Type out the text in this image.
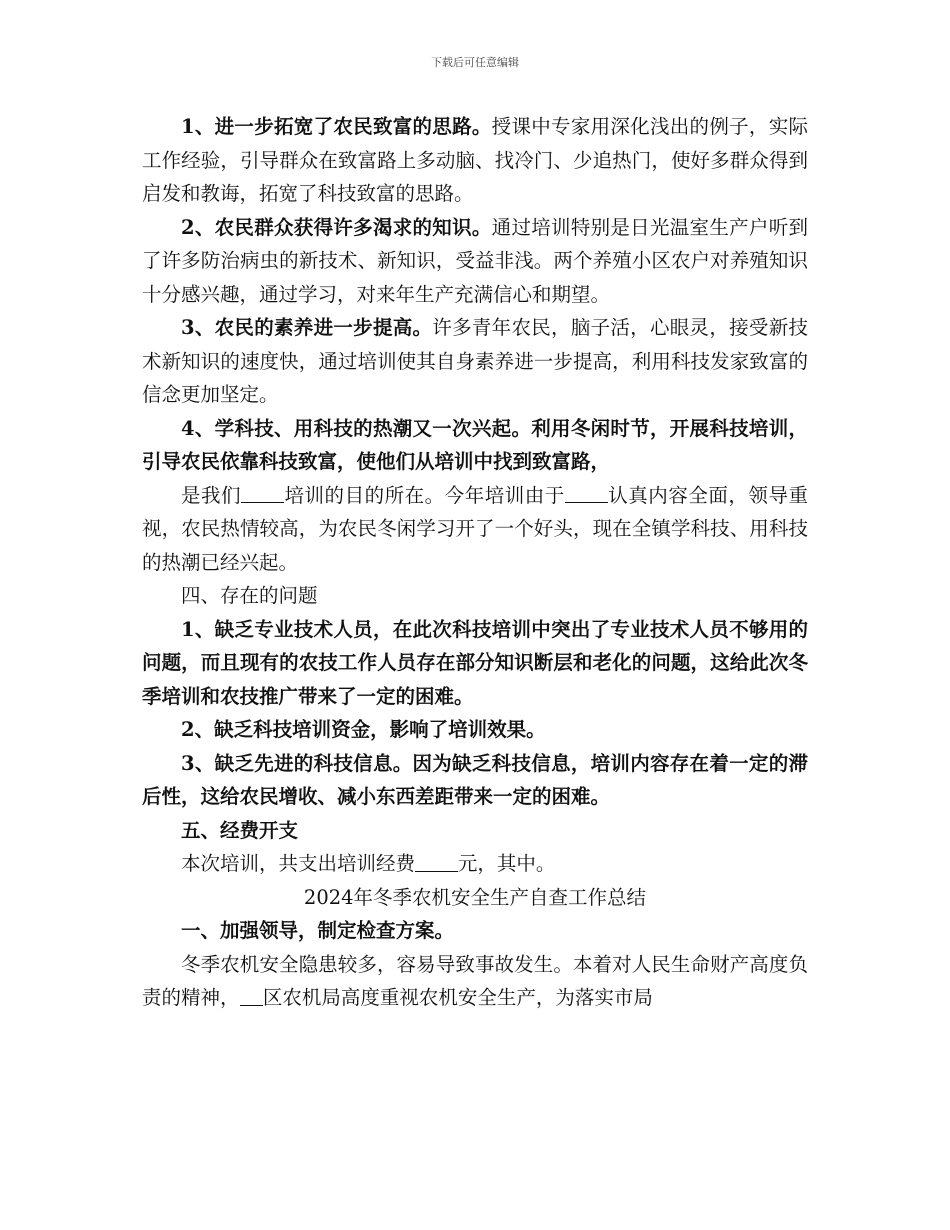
下载后可任意编辑

1、进一步拓宽了农民致富的思路。授课中专家用深化浅出的例子，实际工作经验，引导群众在致富路上多动脑、找冷门、少追热门，使好多群众得到启发和教诲，拓宽了科技致富的思路。

2、农民群众获得许多渴求的知识。通过培训特别是日光温室生产户听到了许多防治病虫的新技术、新知识，受益非浅。两个养殖小区农户对养殖知识十分感兴趣，通过学习，对来年生产充满信心和期望。

3、农民的素养进一步提高。许多青年农民，脑子活，心眼灵，接受新技术新知识的速度快，通过培训使其自身素养进一步提高，利用科技发家致富的信念更加坚定。

4、学科技、用科技的热潮又一次兴起。利用冬闲时节，开展科技培训，引导农民依靠科技致富，使他们从培训中找到致富路，

是我们 培训的目的所在。今年培训由于 认真内容全面，领导重视，农民热情较高，为农民冬闲学习开了一个好头，现在全镇学科技、用科技的热潮已经兴起。

四、存在的问题

1、缺乏专业技术人员，在此次科技培训中突出了专业技术人员不够用的问题，而且现有的农技工作人员存在部分知识断层和老化的问题，这给此次冬季培训和农技推广带来了一定的困难。

2、缺乏科技培训资金，影响了培训效果。

3、缺乏先进的科技信息。因为缺乏科技信息，培训内容存在着一定的滞后性，这给农民增收、减小东西差距带来一定的困难。

五、经费开支

本次培训，共支出培训经费 元，其中。

2024年冬季农机安全生产自查工作总结

一、加强领导，制定检查方案。

冬季农机安全隐患较多，容易导致事故发生。本着对人民生命财产高度负责的精神， 区农机局高度重视农机安全生产，为落实市局
